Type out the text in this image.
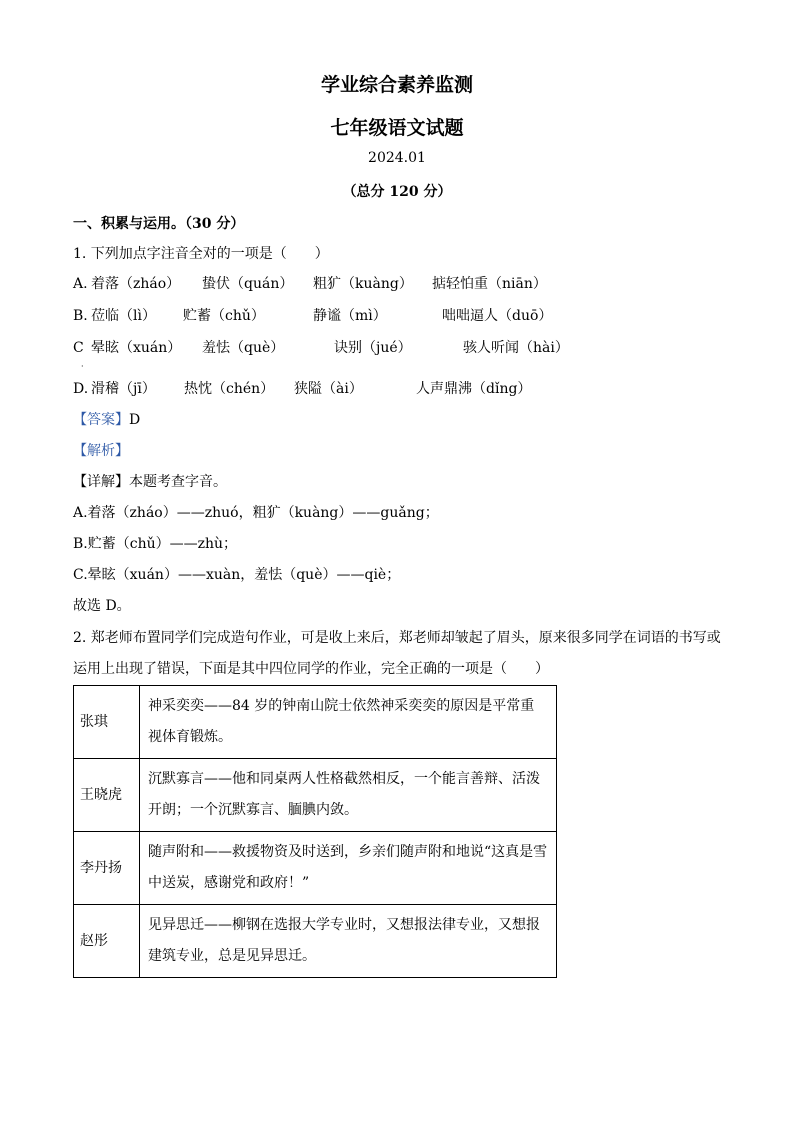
学业综合素养监测
七年级语文试题
2024.01
（总分 120 分）
一、积累与运用。（30 分）
1. 下列加点字注音全对的一项是（　　）
A. 着落（zháo） 蛰伏（quán） 粗犷（kuàng） 掂轻怕重（niān）
B. 莅临（lì） 贮蓄（chǔ）	静谧（mì）	咄咄逼人（duō）
C 晕眩（xuán） 羞怯（què）	诀别（jué）	骇人听闻（hài）
·
D. 滑稽（jī） 热忱（chén） 狭隘（ài）	人声鼎沸（dǐng）
【答案】D
【解析】
【详解】本题考查字音。
A.着落（zháo）——zhuó，粗犷（kuàng）——guǎng；
B.贮蓄（chǔ）——zhù；
C.晕眩（xuán）——xuàn，羞怯（què）——qiè；
故选 D。
2. 郑老师布置同学们完成造句作业，可是收上来后，郑老师却皱起了眉头，原来很多同学在词语的书写或运用上出现了错误，下面是其中四位同学的作业，完全正确的一项是（　　）
张琪	神采奕奕——84 岁的钟南山院士依然神采奕奕的原因是平常重视体育锻炼。
王晓虎	沉默寡言——他和同桌两人性格截然相反，一个能言善辩、活泼开朗；一个沉默寡言、腼腆内敛。
李丹扬	随声附和——救援物资及时送到，乡亲们随声附和地说“这真是雪中送炭，感谢党和政府！”
赵彤	见异思迁——柳钢在选报大学专业时，又想报法律专业，又想报建筑专业，总是见异思迁。
